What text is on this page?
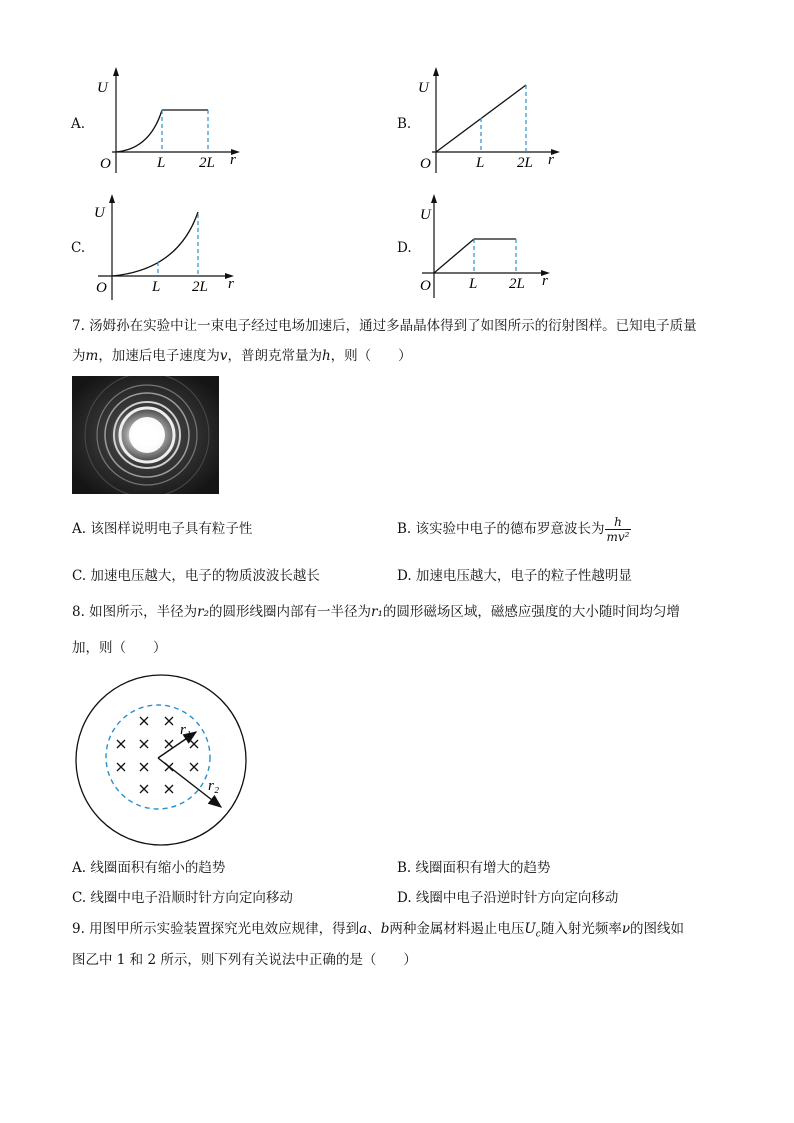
A.
U
O	L 2L r
B.
U
O	L 2L r
C.
U
O	L 2L r
D.
U
O	L 2L r
7. 汤姆孙在实验中让一束电子经过电场加速后，通过多晶晶体得到了如图所示的衍射图样。已知电子质量
为m，加速后电子速度为v，普朗克常量为h，则（　　）
A. 该图样说明电子具有粒子性	B. 该实验中电子的德布罗意波长为 $\frac{h}{\text{mv²}}$
C. 加速电压越大，电子的物质波波长越长	D. 加速电压越大，电子的粒子性越明显
8. 如图所示，半径为r₂的圆形线圈内部有一半径为r₁的圆形磁场区域，磁感应强度的大小随时间均匀增
加，则（　　）
r₁
r₂
A. 线圈面积有缩小的趋势	B. 线圈面积有增大的趋势
C. 线圈中电子沿顺时针方向定向移动	D. 线圈中电子沿逆时针方向定向移动
9. 用图甲所示实验装置探究光电效应规律，得到a、b两种金属材料遏止电压$U_c$随入射光频率ν的图线如
图乙中 1 和 2 所示，则下列有关说法中正确的是（　　）
